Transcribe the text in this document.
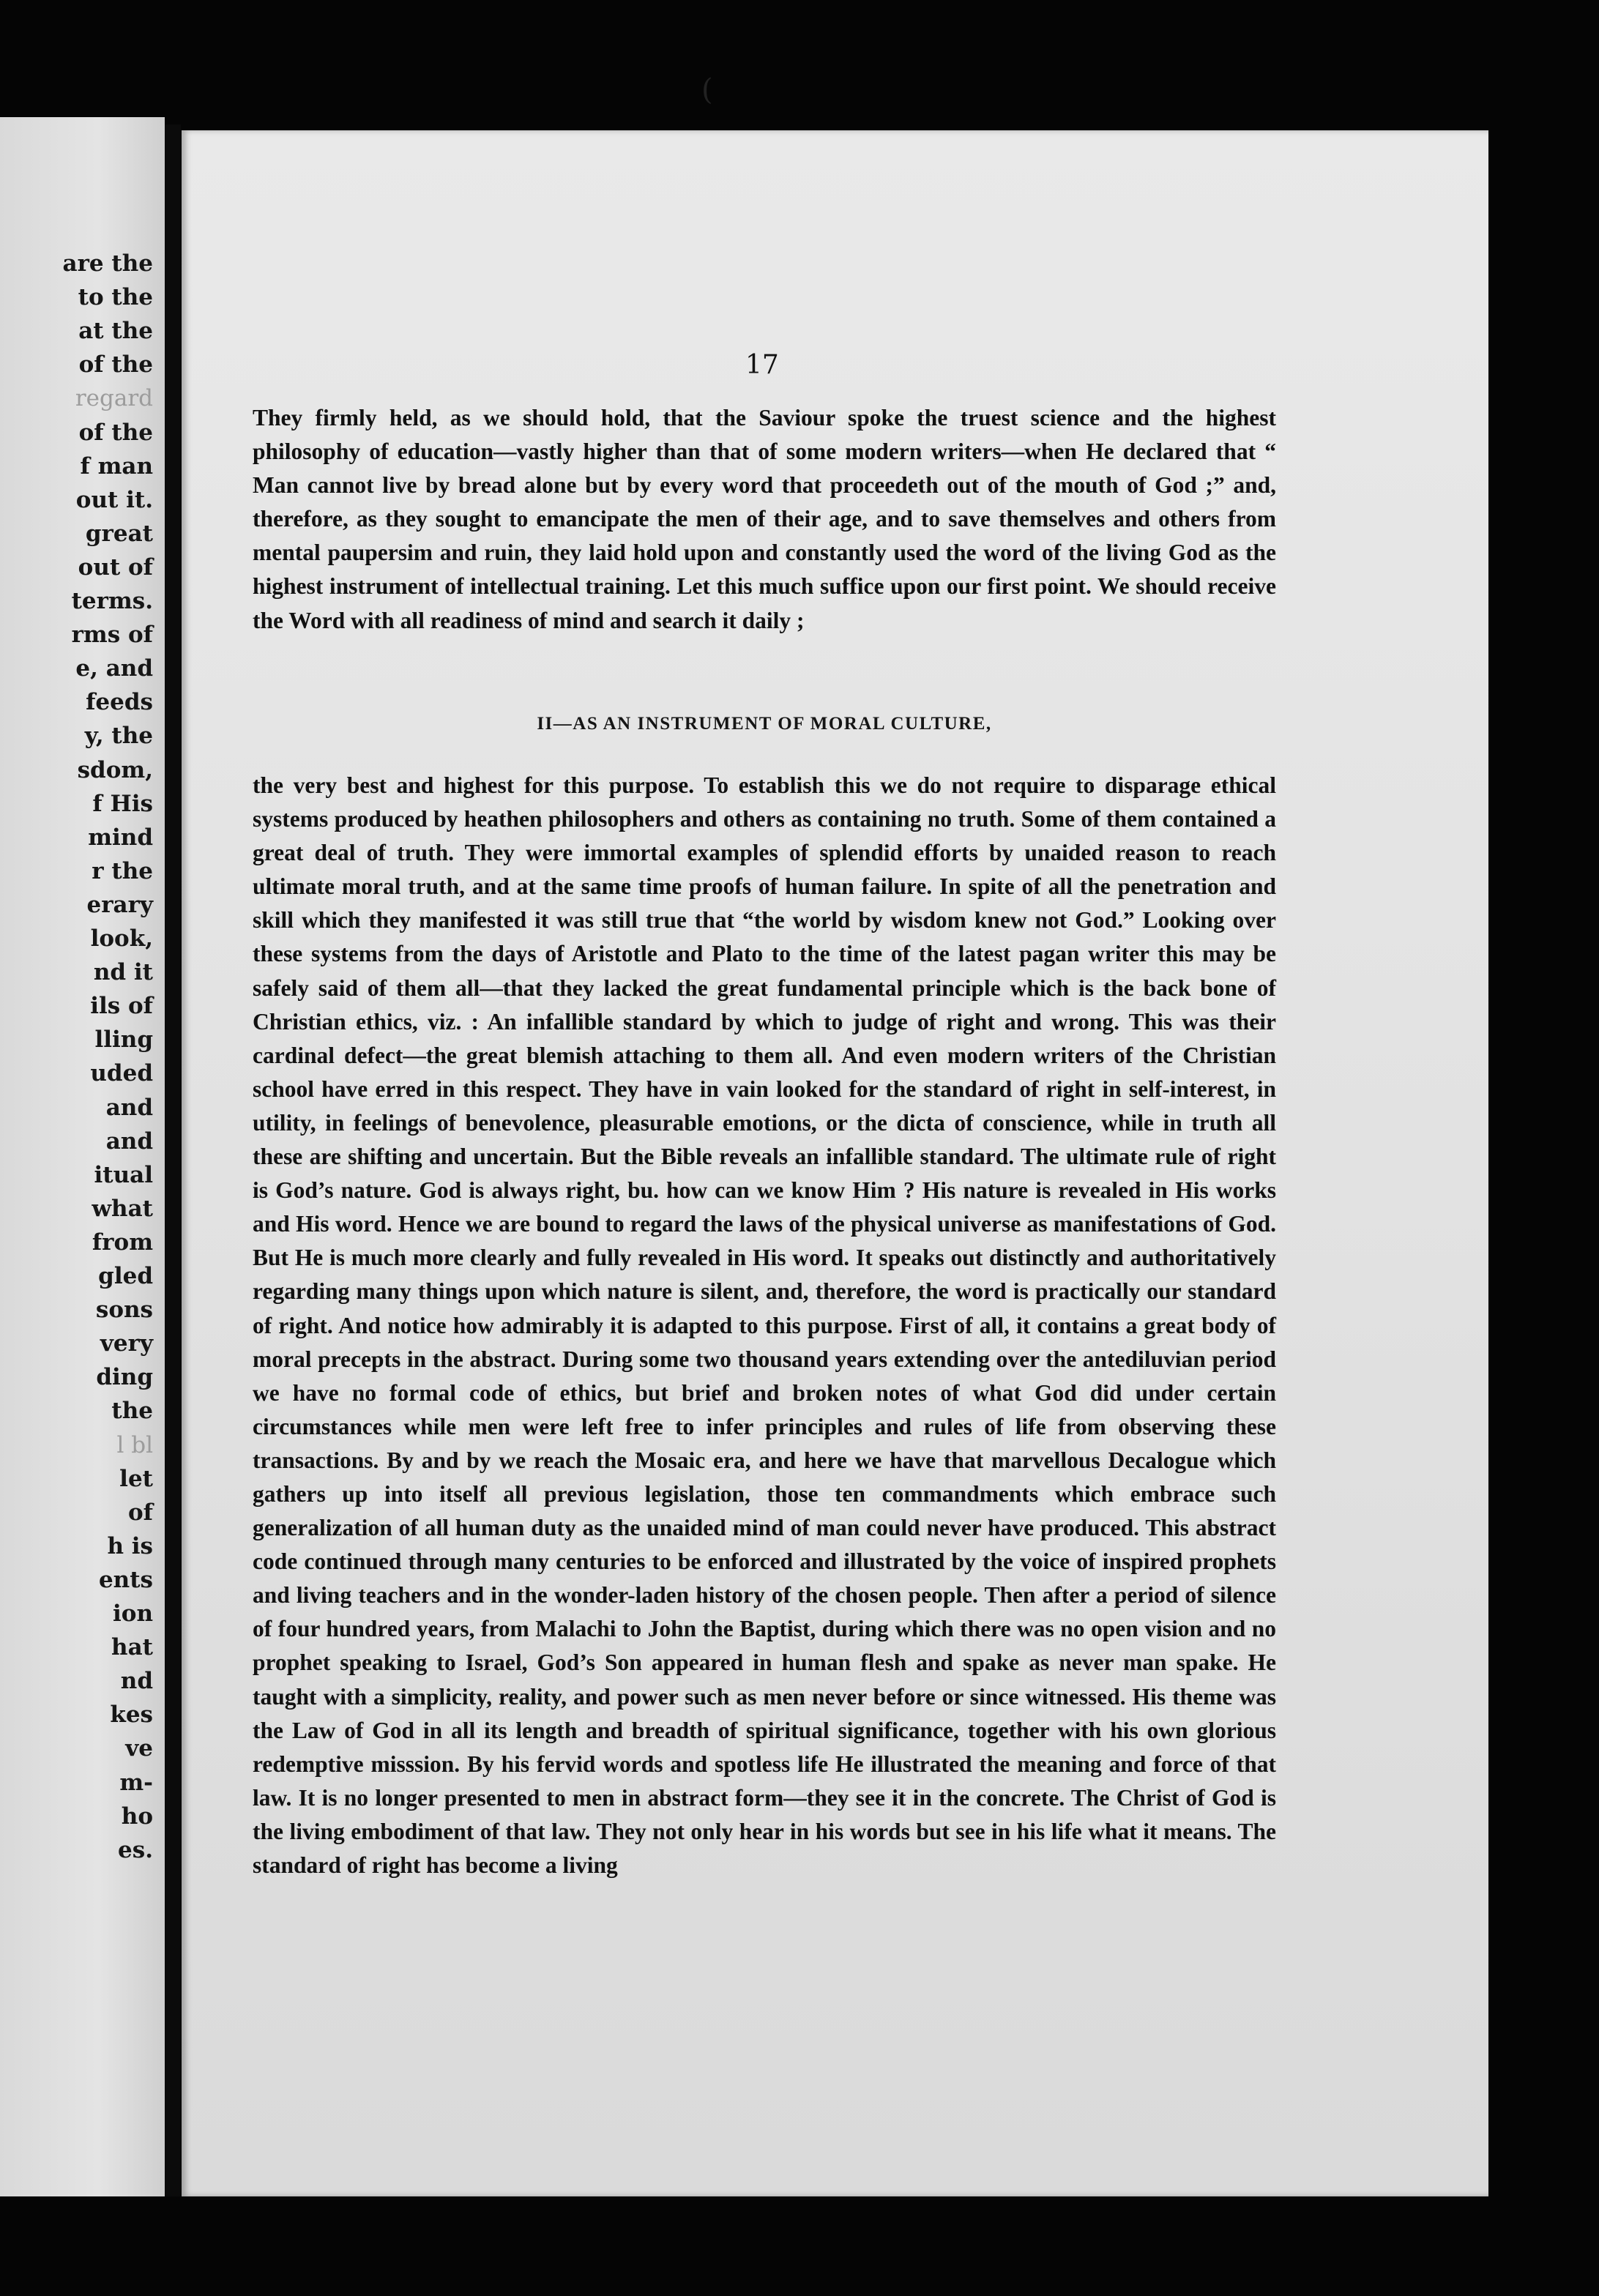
are the
to the
at the
of the
regard
of the
f man
out it.
great
out of
terms.
rms of
e, and
feeds
y, the
sdom,
f His
mind
r the
erary
look,
nd it
ils of
lling
uded
and
and
itual
what
from
gled
sons
very
ding
the
l bl
let
of
h is
ents
ion
hat
nd
kes
ve
m-
ho
es.
(
17

They firmly held, as we should hold, that the Saviour spoke the truest science and the highest philosophy of education—vastly higher than that of some modern writers—when He declared that “ Man cannot live by bread alone but by every word that proceedeth out of the mouth of God ;” and, therefore, as they sought to emancipate the men of their age, and to save themselves and others from mental paupersim and ruin, they laid hold upon and constantly used the word of the living God as the highest instrument of intellectual training. Let this much suffice upon our first point. We should receive the Word with all readiness of mind and search it daily ;

II—AS AN INSTRUMENT OF MORAL CULTURE,

the very best and highest for this purpose. To establish this we do not require to disparage ethical systems produced by heathen philosophers and others as containing no truth. Some of them contained a great deal of truth. They were immortal examples of splendid efforts by unaided reason to reach ultimate moral truth, and at the same time proofs of human failure. In spite of all the penetration and skill which they manifested it was still true that “the world by wisdom knew not God.” Looking over these systems from the days of Aristotle and Plato to the time of the latest pagan writer this may be safely said of them all—that they lacked the great fundamental principle which is the back bone of Christian ethics, viz. : An infallible standard by which to judge of right and wrong. This was their cardinal defect—the great blemish attaching to them all. And even modern writers of the Christian school have erred in this respect. They have in vain looked for the standard of right in self-interest, in utility, in feelings of benevolence, pleasurable emotions, or the dicta of conscience, while in truth all these are shifting and uncertain. But the Bible reveals an infallible standard. The ultimate rule of right is God’s nature. God is always right, bu. how can we know Him ? His nature is revealed in His works and His word. Hence we are bound to regard the laws of the physical universe as manifestations of God. But He is much more clearly and fully revealed in His word. It speaks out distinctly and authoritatively regarding many things upon which nature is silent, and, therefore, the word is practically our standard of right. And notice how admirably it is adapted to this purpose. First of all, it contains a great body of moral precepts in the abstract. During some two thousand years extending over the antediluvian period we have no formal code of ethics, but brief and broken notes of what God did under certain circumstances while men were left free to infer principles and rules of life from observing these transactions. By and by we reach the Mosaic era, and here we have that marvellous Decalogue which gathers up into itself all previous legislation, those ten commandments which embrace such generalization of all human duty as the unaided mind of man could never have produced. This abstract code continued through many centuries to be enforced and illustrated by the voice of inspired prophets and living teachers and in the wonder-laden history of the chosen people. Then after a period of silence of four hundred years, from Malachi to John the Baptist, during which there was no open vision and no prophet speaking to Israel, God’s Son appeared in human flesh and spake as never man spake. He taught with a simplicity, reality, and power such as men never before or since witnessed. His theme was the Law of God in all its length and breadth of spiritual significance, together with his own glorious redemptive misssion. By his fervid words and spotless life He illustrated the meaning and force of that law. It is no longer presented to men in abstract form—they see it in the concrete. The Christ of God is the living embodiment of that law. They not only hear in his words but see in his life what it means. The standard of right has become a living
